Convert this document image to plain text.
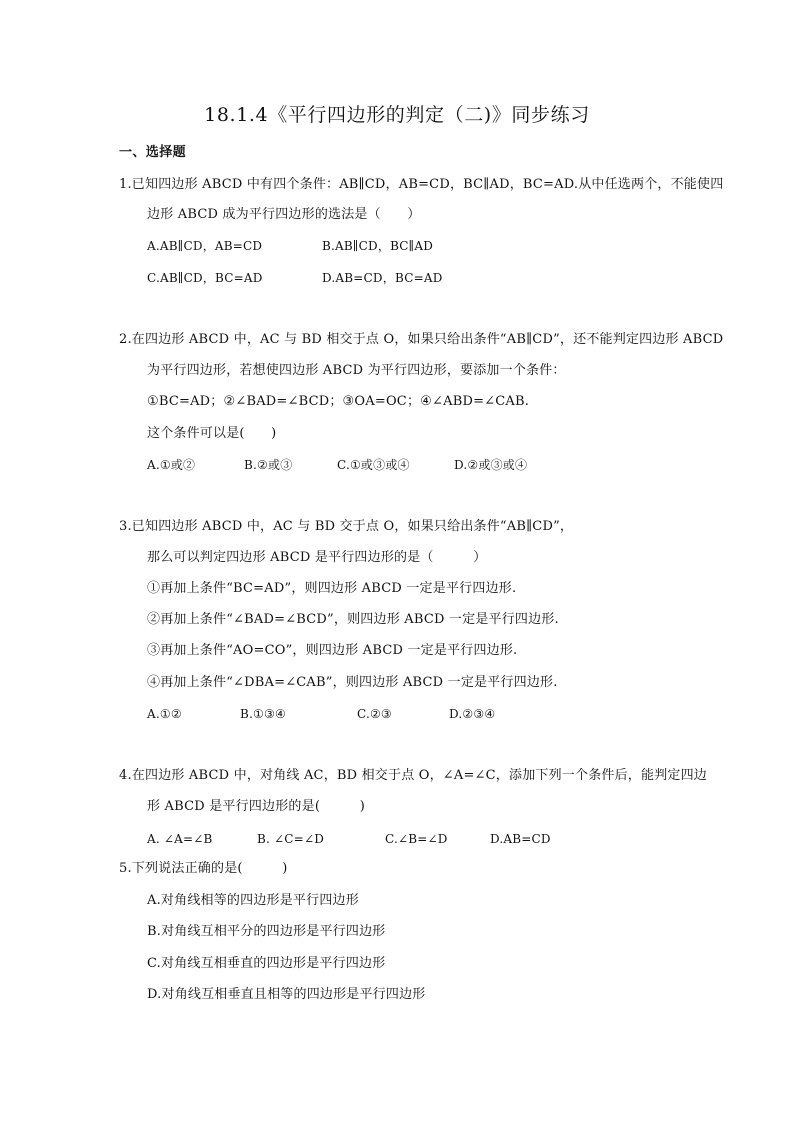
18.1.4《平行四边形的判定（二)》同步练习
一、选择题
1.已知四边形 ABCD 中有四个条件：AB∥CD，AB=CD，BC∥AD，BC=AD.从中任选两个，不能使四
边形 ABCD 成为平行四边形的选法是（　　）
A.AB∥CD，AB=CD	B.AB∥CD，BC∥AD
C.AB∥CD，BC=AD	D.AB=CD，BC=AD
2.在四边形 ABCD 中，AC 与 BD 相交于点 O，如果只给出条件“AB∥CD”，还不能判定四边形 ABCD
为平行四边形，若想使四边形 ABCD 为平行四边形，要添加一个条件：
①BC=AD；②∠BAD=∠BCD；③OA=OC；④∠ABD=∠CAB.
这个条件可以是(　　)
A.①或②	B.②或③	C.①或③或④	D.②或③或④
3.已知四边形 ABCD 中，AC 与 BD 交于点 O，如果只给出条件“AB∥CD”，
那么可以判定四边形 ABCD 是平行四边形的是（　　　）
①再加上条件“BC=AD”，则四边形 ABCD 一定是平行四边形.
②再加上条件“∠BAD=∠BCD”，则四边形 ABCD 一定是平行四边形.
③再加上条件“AO=CO”，则四边形 ABCD 一定是平行四边形.
④再加上条件“∠DBA=∠CAB”，则四边形 ABCD 一定是平行四边形.
A.①②	B.①③④	C.②③	D.②③④
4.在四边形 ABCD 中，对角线 AC，BD 相交于点 O，∠A=∠C，添加下列一个条件后，能判定四边
形 ABCD 是平行四边形的是(　　　)
A. ∠A=∠B	B. ∠C=∠D	C.∠B=∠D	D.AB=CD
5.下列说法正确的是(　　　)
A.对角线相等的四边形是平行四边形
B.对角线互相平分的四边形是平行四边形
C.对角线互相垂直的四边形是平行四边形
D.对角线互相垂直且相等的四边形是平行四边形
